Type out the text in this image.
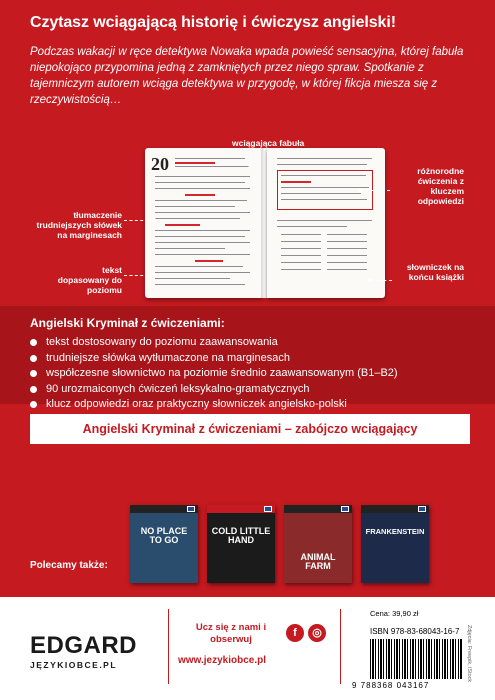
Czytasz wciągającą historię i ćwiczysz angielski!
Podczas wakacji w ręce detektywa Nowaka wpada powieść sensacyjna, której fabuła niepokojąco przypomina jedną z zamkniętych przez niego spraw. Spotkanie z tajemniczym autorem wciąga detektywa w przygodę, w której fikcja miesza się z rzeczywistością…
20
wciągająca fabuła
różnorodne ćwiczenia z kluczem odpowiedzi
tłumaczenie trudniejszych słówek na marginesach
tekst dopasowany do poziomu
słowniczek na końcu książki
Angielski Kryminał z ćwiczeniami:
tekst dostosowany do poziomu zaawansowania
trudniejsze słówka wytłumaczone na marginesach
współczesne słownictwo na poziomie średnio zaawansowanym (B1–B2)
90 urozmaiconych ćwiczeń leksykalno-gramatycznych
klucz odpowiedzi oraz praktyczny słowniczek angielsko-polski
Angielski Kryminał z ćwiczeniami – zabójczo wciągający
Polecamy także:
NO PLACE TO GO
COLD LITTLE HAND
ANIMAL FARM
FRANKENSTEIN
EDGARD
JĘZYKIOBCE.PL
Ucz się z nami i obserwuj
f	◎
www.jezykiobce.pl
Cena: 39,90 zł
ISBN 978-83-68043-16-7
9 788368 043167
Zdjęcia: Freepik, iStock
